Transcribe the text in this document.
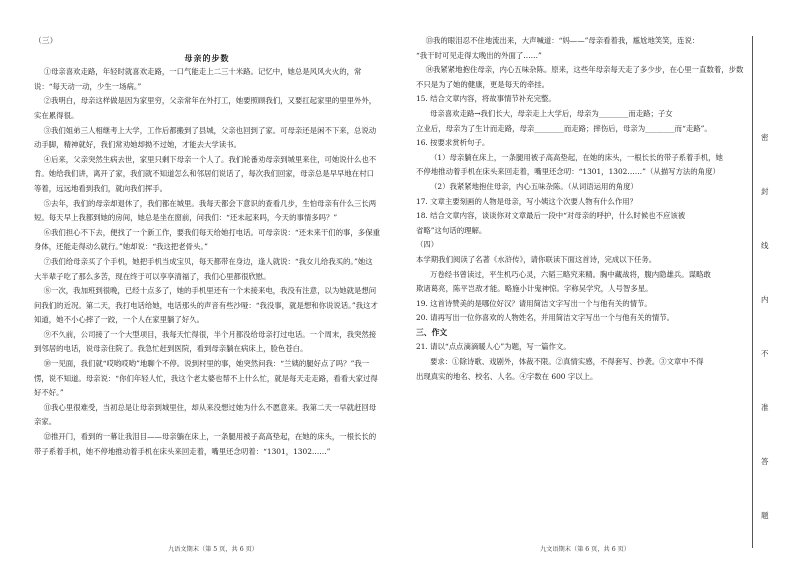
（三）
母亲的步数

①母亲喜欢走路，年轻时就喜欢走路，一口气能走上二三十米路。记忆中，她总是风风火火的，常说：“每天动一动，少生一场病。”

②我明白，母亲这样做是因为家里穷，父亲常年在外打工，她要照顾我们，又要扛起家里的里里外外，实在累得很。

③我们姐弟三人相继考上大学，工作后都搬到了县城，父亲也回到了家。可母亲还是闲不下来，总说动动手脚，精神就好，我们常劝她却拗不过她，才能去大学读书。

④后来，父亲突然生病去世，家里只剩下母亲一个人了。我们轮番劝母亲到城里来住，可她说什么也不肯。她给我们讲，离开了家，我们就不知道怎么和邻居们说话了，每次我们回家，母亲总是早早地在村口等着，远远地看到我们，就向我们挥手。

⑤去年，我们的母亲却退休了，我们都在城里。我每天都会下意识的查看几步，生怕母亲有什么三长两短。每天早上我都到她的房间，她总是坐在窗前，问我们：“还未起来吗，今天的事情多吗？”

⑥我们担心不下去，便找了一个新工作，要我们每天给她打电话。可母亲说：“还未来干们的事，多保重身体，还能走得动么就行。”她却说：“我这把老骨头。”

⑦我们给母亲买了个手机，她把手机当成宝贝，每天都带在身边，逢人就说：“我女儿给我买的。”她这大半辈子吃了那么多苦，现在终于可以享享清福了，我们心里都很欣慰。

⑧一次，我加班到很晚，已经十点多了，她的手机里还有一个未接来电，我没有注意，以为她就是想问问我们的近况。第二天，我打电话给她，电话那头的声音有些沙哑：“我没事，就是想和你说说话。”我这才知道，她不小心摔了一跤，一个人在家里躺了好久。

⑨不久前，公司接了一个大型项目，我每天忙得很，半个月都没给母亲打过电话。一个周末，我突然接到邻居的电话，说母亲住院了。我急忙赶到医院，看到母亲躺在病床上，脸色苍白。

⑩一见面，我们就“哎哟哎哟”地聊个不停。说到村里的事，她突然问我：“兰姨的腿好点了吗？”我一愣，说不知道。母亲说：“你们年轻人忙，我这个老太婆也帮不上什么忙，就是每天走走路，看看大家过得好不好。”

⑪我心里很难受，当初总是让母亲到城里住，却从来没想过她为什么不愿意来。我第二天一早就赶回母亲家。

⑫推开门，看到的一幕让我泪目——母亲躺在床上，一条腿用被子高高垫起，在她的床头，一根长长的带子系着手机，她不停地推动着手机在床头来回走着，嘴里还念叨着：“1301，1302……”

⑬我的眼泪忍不住地流出来，大声喊道：“妈——”母亲看着我，尴尬地笑笑，连说：

“我干时可见走得太晚出的外面了……”

⑭我紧紧地抱住母亲，内心五味杂陈。原来，这些年母亲每天走了多少步，在心里一直数着，步数不只是为了她的健康，更是每天的牵挂。

15. 结合文章内容，将故事情节补充完整。

母亲喜欢走路→我们长大，母亲走上大学后，母亲为________而走路；子女

立业后，母亲为了生计而走路，母亲________而走路；摔伤后，母亲为________而“走路”。

16. 按要求赏析句子。

（1）母亲躺在床上，一条腿用被子高高垫起，在她的床头，一根长长的带子系着手机，她

不停地推动着手机在床头来回走着，嘴里还念叨：“1301，1302……”（从描写方法的角度）

（2）我紧紧地抱住母亲，内心五味杂陈。（从词语运用的角度）

17. 文章主要刻画的人物是母亲，写小姨这个次要人物有什么作用？

18. 结合文章内容，谈谈你对文章最后一段中“对母亲的呼护，什么时候也不应该被

省略”这句话的理解。

（四）

本学期我们阅读了名著《水浒传》，请你联读下面这首诗，完成以下任务。

万卷经书曾读过，平生机巧心灵，六韬三略究来精。胸中藏战将，腹内隐雄兵。谋略敢

欺诸葛亮，陈平岂敌才能。略施小计鬼神惊。字称吴学究，人号智多星。

19. 这首诗赞美的是哪位好汉？请用简洁文字写出一个与他有关的情节。

20. 请再写出一位你喜欢的人物姓名，并用简洁文字写出一个与他有关的情节。

三、作文

21. 请以“点点滴滴暖人心”为题，写一篇作文。

要求：①除诗歌、戏剧外，体裁不限。②真情实感，不得套写、抄袭。③文章中不得

出现真实的地名、校名、人名。④字数在 600 字以上。

九语文期末（第 5 页，共 6 页）	九文语期末（第 6 页，共 6 页）
密
封
线
内
不
准
答
题
